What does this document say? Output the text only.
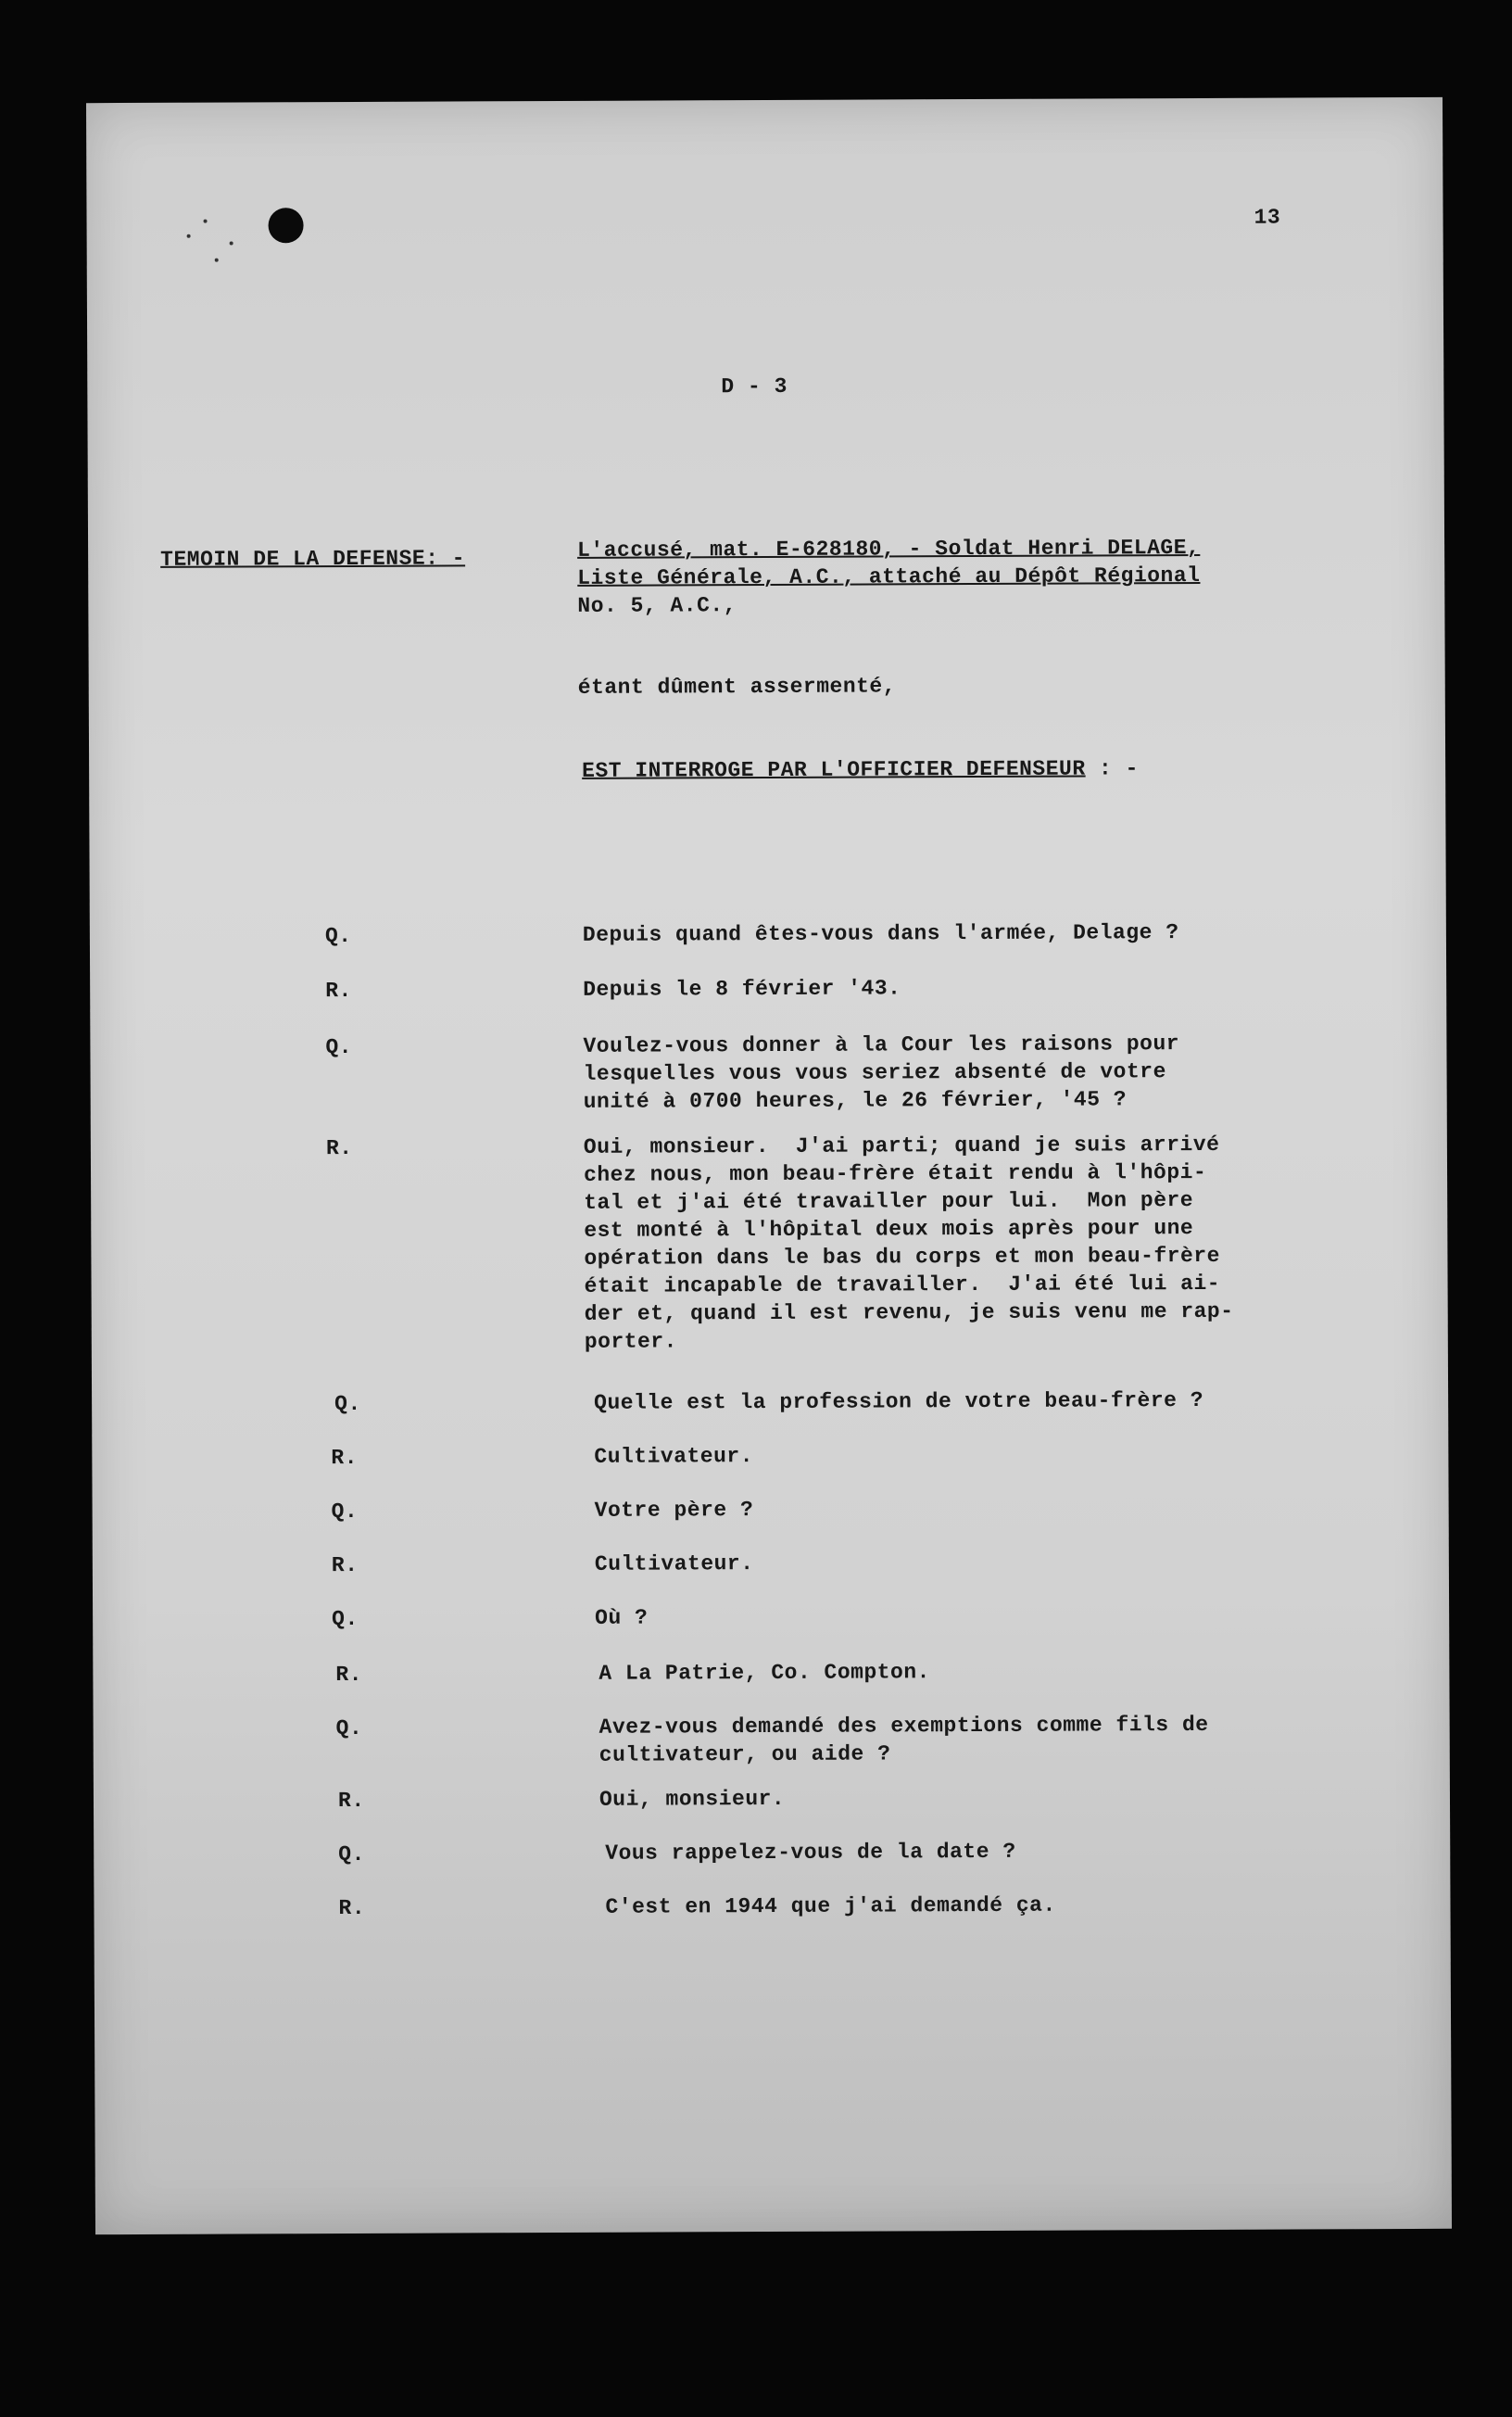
13
D - 3
TEMOIN DE LA DEFENSE: -	L'accusé, mat. E-628180, - Soldat Henri DELAGE,
Liste Générale, A.C., attaché au Dépôt Régional
No. 5, A.C.,
étant dûment assermenté,
EST INTERROGE PAR L'OFFICIER DEFENSEUR : -
Q.	Depuis quand êtes-vous dans l'armée, Delage ?
R.	Depuis le 8 février '43.
Q.	Voulez-vous donner à la Cour les raisons pour
lesquelles vous vous seriez absenté de votre
unité à 0700 heures, le 26 février, '45 ?
R.	Oui, monsieur.  J'ai parti; quand je suis arrivé
chez nous, mon beau-frère était rendu à l'hôpi-
tal et j'ai été travailler pour lui.  Mon père
est monté à l'hôpital deux mois après pour une
opération dans le bas du corps et mon beau-frère
était incapable de travailler.  J'ai été lui ai-
der et, quand il est revenu, je suis venu me rap-
porter.
Q.	Quelle est la profession de votre beau-frère ?
R.	Cultivateur.
Q.	Votre père ?
R.	Cultivateur.
Q.	Où ?
R.	A La Patrie, Co. Compton.
Q.	Avez-vous demandé des exemptions comme fils de
cultivateur, ou aide ?
R.	Oui, monsieur.
Q.	Vous rappelez-vous de la date ?
R.	C'est en 1944 que j'ai demandé ça.
